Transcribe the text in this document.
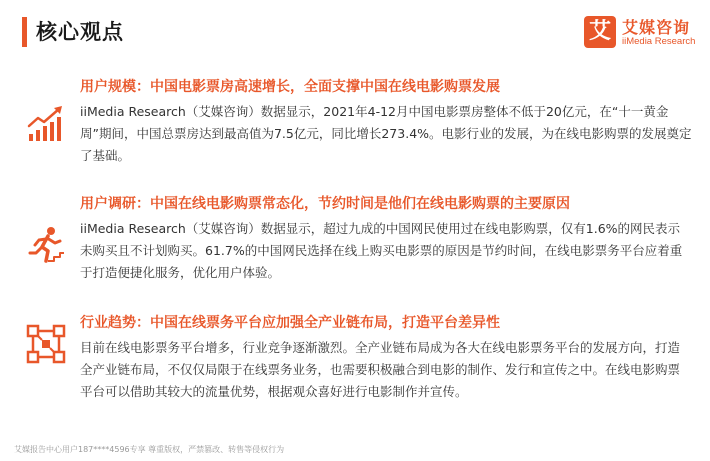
核心观点	艾 艾媒咨询
iiMedia Research
用户规模：中国电影票房高速增长，全面支撑中国在线电影购票发展
iiMedia Research（艾媒咨询）数据显示，2021年4-12月中国电影票房整体不低于20亿元，在“十一黄金周”期间，中国总票房达到最高值为7.5亿元，同比增长273.4%。电影行业的发展，为在线电影购票的发展奠定了基础。
用户调研：中国在线电影购票常态化，节约时间是他们在线电影购票的主要原因
iiMedia Research（艾媒咨询）数据显示，超过九成的中国网民使用过在线电影购票，仅有1.6%的网民表示未购买且不计划购买。61.7%的中国网民选择在线上购买电影票的原因是节约时间，在线电影票务平台应着重于打造便捷化服务，优化用户体验。
行业趋势：中国在线票务平台应加强全产业链布局，打造平台差异性
目前在线电影票务平台增多，行业竞争逐渐激烈。全产业链布局成为各大在线电影票务平台的发展方向，打造全产业链布局，不仅仅局限于在线票务业务，也需要积极融合到电影的制作、发行和宣传之中。在线电影购票平台可以借助其较大的流量优势，根据观众喜好进行电影制作并宣传。
艾媒报告中心用户187****4596专享 尊重版权，严禁篡改、转售等侵权行为
